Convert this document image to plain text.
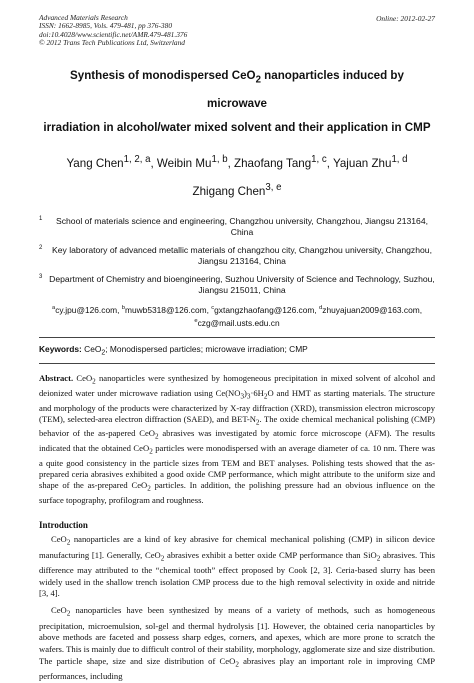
Advanced Materials Research
ISSN: 1662-8985, Vols. 479-481, pp 376-380
doi:10.4028/www.scientific.net/AMR.479-481.376
© 2012 Trans Tech Publications Ltd, Switzerland
Online: 2012-02-27
Synthesis of monodispersed CeO$_2$ nanoparticles induced by microwave
irradiation in alcohol/water mixed solvent and their application in CMP
Yang Chen$^{1, 2, a}$, Weibin Mu$^{1, b}$, Zhaofang Tang$^{1, c}$, Yajuan Zhu$^{1, d}$
Zhigang Chen$^{3, e}$
1 School of materials science and engineering, Changzhou university, Changzhou, Jiangsu 213164, China
2 Key laboratory of advanced metallic materials of changzhou city, Changzhou university, Changzhou, Jiangsu 213164, China
3 Department of Chemistry and bioengineering, Suzhou University of Science and Technology, Suzhou, Jiangsu 215011, China
$^a$cy.jpu@126.com, $^b$muwb5318@126.com, $^c$gxtangzhaofang@126.com, $^d$zhuyajuan2009@163.com,
$^e$czg@mail.usts.edu.cn
Keywords: CeO$_2$; Monodispersed particles; microwave irradiation; CMP
Abstract. CeO$_2$ nanoparticles were synthesized by homogeneous precipitation in mixed solvent of alcohol and deionized water under microwave radiation using $Ce(NO_3)_3\cdot 6H_2O$ and HMT as starting materials. The structure and morphology of the products were characterized by X-ray diffraction (XRD), transmission electron microscopy (TEM), selected-area electron diffraction (SAED), and BET-$N_2$. The oxide chemical mechanical polishing (CMP) behavior of the as-papered CeO$_2$ abrasives was investigated by atomic force microscope (AFM). The results indicated that the obtained CeO$_2$ particles were monodispersed with an average diameter of ca. 10 nm. There was a quite good consistency in the particle sizes from TEM and BET analyses. Polishing tests showed that the as-prepared ceria abrasives exhibited a good oxide CMP performance, which might attribute to the uniform size and shape of the as-prepared CeO$_2$ particles. In addition, the polishing pressure had an obvious influence on the surface topography, profilogram and roughness.
Introduction

CeO$_2$ nanoparticles are a kind of key abrasive for chemical mechanical polishing (CMP) in silicon device manufacturing [1]. Generally, CeO$_2$ abrasives exhibit a better oxide CMP performance than SiO$_2$ abrasives. This difference may attributed to the “chemical tooth” effect proposed by Cook [2, 3]. Ceria-based slurry has been widely used in the shallow trench isolation CMP process due to the high removal selectivity in oxide and nitride [3, 4].

CeO$_2$ nanoparticles have been synthesized by means of a variety of methods, such as homogeneous precipitation, microemulsion, sol-gel and thermal hydrolysis [1]. However, the obtained ceria nanoparticles by above methods are faceted and possess sharp edges, corners, and apexes, which are more prone to scratch the wafers. This is mainly due to difficult control of their stability, morphology, agglomerate size and size distribution. The particle shape, size and size distribution of CeO$_2$ abrasives play an important role in improving CMP performances, including
